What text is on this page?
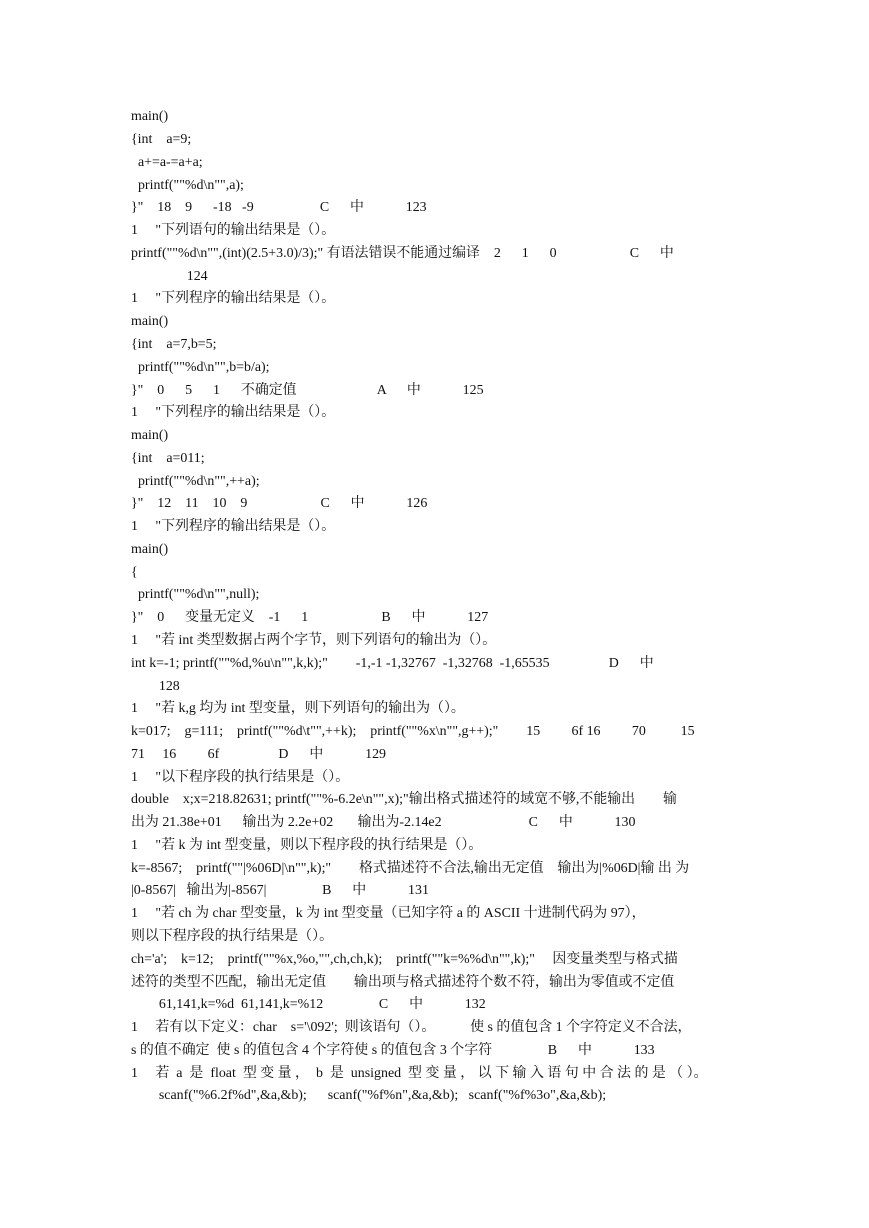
main()
{int    a=9;
a+=a-=a+a;
printf(""%d\n"",a);
}"    18    9      -18   -9                   C      中            123
1     "下列语句的输出结果是（）。
printf(""%d\n"",(int)(2.5+3.0)/3);" 有语法错误不能通过编译    2      1      0                     C      中
124
1     "下列程序的输出结果是（）。
main()
{int    a=7,b=5;
printf(""%d\n"",b=b/a);
}"    0      5      1      不确定值                       A      中            125
1     "下列程序的输出结果是（）。
main()
{int    a=011;
printf(""%d\n"",++a);
}"    12    11    10    9                     C      中            126
1     "下列程序的输出结果是（）。
main()
{
printf(""%d\n"",null);
}"    0      变量无定义    -1      1                     B      中            127
1     "若 int 类型数据占两个字节，则下列语句的输出为（）。
int k=-1; printf(""%d,%u\n"",k,k);"        -1,-1 -1,32767  -1,32768  -1,65535                 D      中
128
1     "若 k,g 均为 int 型变量，则下列语句的输出为（）。
k=017;    g=111;    printf(""%d\t"",++k);    printf(""%x\n"",g++);"        15         6f 16         70          15
71     16         6f                 D      中            129
1     "以下程序段的执行结果是（）。
double    x;x=218.82631; printf(""%-6.2e\n"",x);"输出格式描述符的域宽不够,不能输出        输
出为 21.38e+01      输出为 2.2e+02       输出为-2.14e2                         C      中            130
1     "若 k 为 int 型变量，则以下程序段的执行结果是（）。
k=-8567;    printf(""|%06D|\n"",k);"        格式描述符不合法,输出无定值    输出为|%06D|输 出 为
|0-8567|   输出为|-8567|                B      中            131
1     "若 ch 为 char 型变量，k 为 int 型变量（已知字符 a 的 ASCII 十进制代码为 97），
则以下程序段的执行结果是（）。
ch='a';    k=12;    printf(""%x,%o,"",ch,ch,k);    printf(""k=%%d\n"",k);"     因变量类型与格式描
述符的类型不匹配，输出无定值        输出项与格式描述符个数不符，输出为零值或不定值
61,141,k=%d  61,141,k=%12                C      中            132
1     若有以下定义：char    s='\092';  则该语句（）。          使 s 的值包含 1 个字符定义不合法，
s 的值不确定  使 s 的值包含 4 个字符使 s 的值包含 3 个字符                B      中            133
1     若  a  是  float  型 变 量 ，  b  是  unsigned  型 变 量 ， 以 下 输 入 语 句 中 合 法 的 是 （ ）。
scanf("%6.2f%d",&a,&b);      scanf("%f%n",&a,&b);   scanf("%f%3o",&a,&b);
